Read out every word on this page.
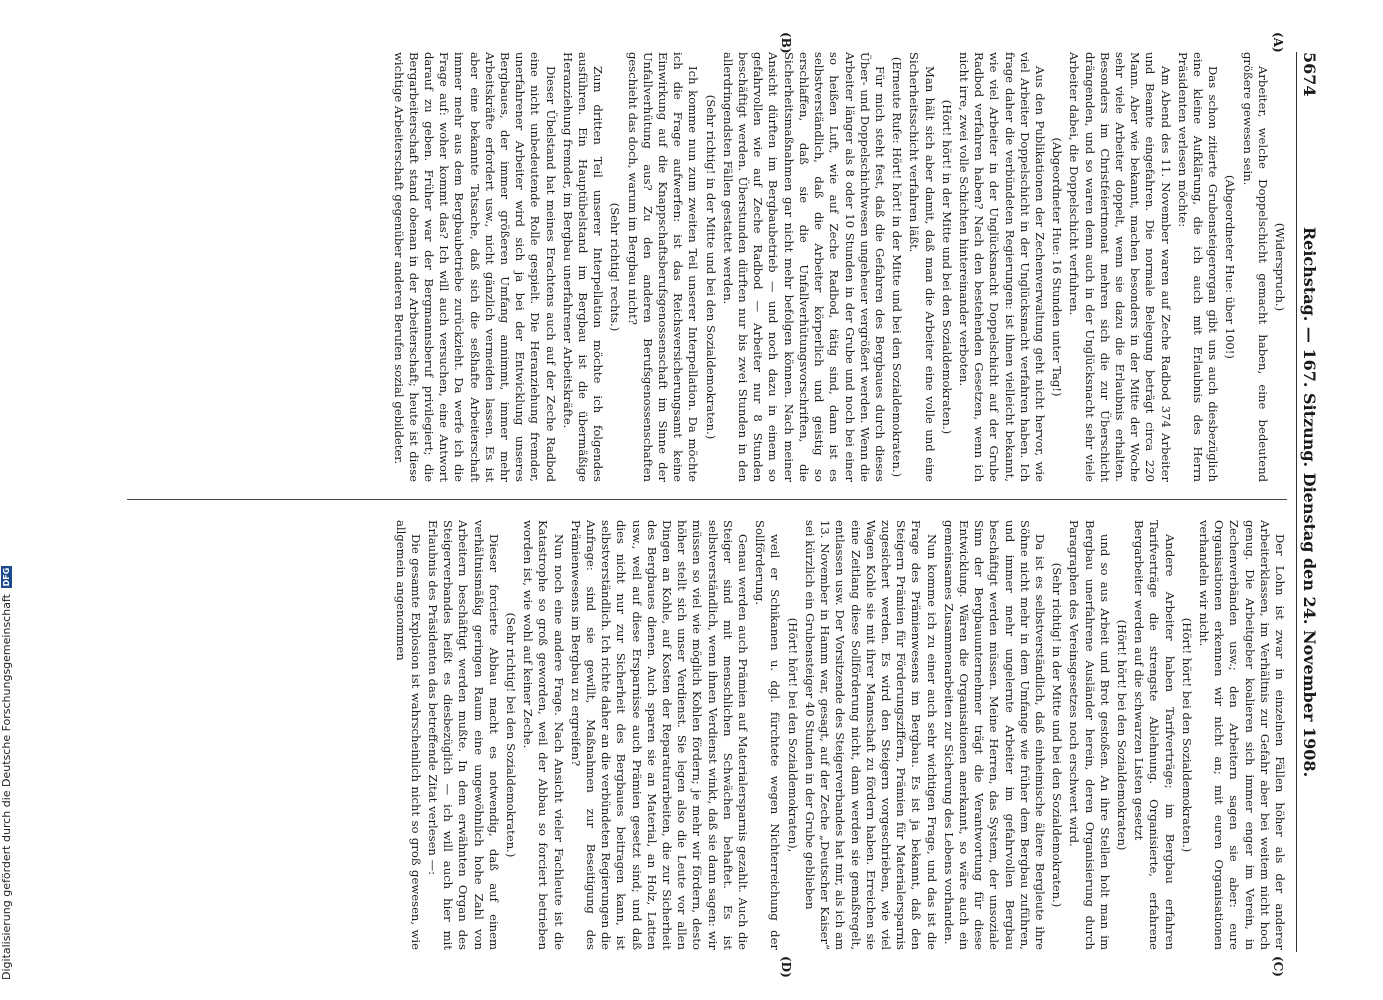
5674
Reichstag. — 167. Sitzung. Dienstag den 24. November 1908.
(A)
(B)
(C)
(D)

(Widerspruch.)

Arbeiter, welche Doppelschicht gemacht haben, eine bedeutend größere gewesen sein.

(Abgeordneter Hue: über 100!)

Das schon zitierte Grubensteigerorgan gibt uns auch diesbezüglich eine kleine Aufklärung, die ich auch mit Erlaubnis des Herrn Präsidenten verlesen möchte:

Am Abend des 11. November waren auf Zeche Radbod 374 Arbeiter und Beamte eingefahren. Die normale Belegung beträgt circa 220 Mann. Aber wie bekannt, machen besonders in der Mitte der Woche sehr viele Arbeiter doppelt, wenn sie dazu die Erlaubnis erhalten. Besonders im Christfeiertmonat mehren sich die zur Überschicht drängenden, und so waren denn auch in der Unglücksnacht sehr viele Arbeiter dabei, die Doppelschicht verfuhren.

(Abgeordneter Hue: 16 Stunden unter Tag!)

Aus den Publikationen der Zechenverwaltung geht nicht hervor, wie viel Arbeiter Doppelschicht in der Unglücksnacht verfahren haben. Ich frage daher die verbündeten Regierungen: ist ihnen vielleicht bekannt, wie viel Arbeiter in der Unglücksnacht Doppelschicht auf der Grube Radbod verfahren haben? Nach den bestehenden Gesetzen, wenn ich nicht irre, zwei volle Schichten hintereinander verboten.

(Hört! hört! in der Mitte und bei den Sozialdemokraten.)

Man hält sich aber damit, daß man die Arbeiter eine volle und eine Sicherheitsschicht verfahren läßt.

(Erneute Rufe: Hört! hört! in der Mitte und bei den Sozialdemokraten.)

Für mich steht fest, daß die Gefahren des Bergbaues durch dieses Über- und Doppelschichtwesen ungeheuer vergrößert werden. Wenn die Arbeiter länger als 8 oder 10 Stunden in der Grube und noch bei einer so heißen Luft, wie auf Zeche Radbod, tätig sind, dann ist es selbstverständlich, daß die Arbeiter körperlich und geistig so erschlaffen, daß sie die Unfallverhütungsvorschriften, die Sicherheitsmaßnahmen gar nicht mehr befolgen können. Nach meiner Ansicht dürften im Bergbaubetrieb — und noch dazu in einem so gefahrvollen wie auf Zeche Radbod — Arbeiter nur 8 Stunden beschäftigt werden. Überstunden dürften nur bis zwei Stunden in den allerdringendsten Fällen gestattet werden.

(Sehr richtig! in der Mitte und bei den Sozialdemokraten.)

Ich komme nun zum zweiten Teil unserer Interpellation. Da möchte ich die Frage aufwerfen: ist das Reichsversicherungsamt keine Einwirkung auf die Knappschaftsberufsgenossenschaft im Sinne der Unfallverhütung aus? Zu den anderen Berufsgenossenschaften geschieht das doch, warum im Bergbau nicht?

(Sehr richtig! rechts.)

Zum dritten Teil unserer Interpellation möchte ich folgendes ausführen. Ein Hauptübelstand im Bergbau ist die übermäßige Heranziehung fremder, im Bergbau unerfahrener Arbeitskräfte.

Dieser Übelstand hat meines Erachtens auch auf der Zeche Radbod eine nicht unbedeutende Rolle gespielt. Die Heranziehung fremder, unerfahrener Arbeiter wird sich ja bei der Entwicklung unseres Bergbaues, der immer größeren Umfang annimmt, immer mehr Arbeitskräfte erfordert usw., nicht gänzlich vermeiden lassen. Es ist aber eine bekannte Tatsache, daß sich die seßhafte Arbeiterschaft immer mehr aus dem Bergbaubetriebe zurückzieht. Da werfe ich die Frage auf: woher kommt das? Ich will auch versuchen, eine Antwort darauf zu geben. Früher war der Bergmannsberuf privilegiert; die Bergarbeiterschaft stand obenan in der Arbeiterschaft; heute ist diese wichtige Arbeiterschaft gegenüber anderen Berufen sozial gebildeter.

Der Lohn ist zwar in einzelnen Fällen höher als der anderer Arbeiterklassen, im Verhältnis zur Gefahr aber bei weitem nicht hoch genug. Die Arbeitgeber koalieren sich immer enger im Verein, in Zechenverbänden usw.; den Arbeitern sagen sie aber: eure Organisationen erkennen wir nicht an; mit euren Organisationen verhandeln wir nicht.

(Hört! hört! bei den Sozialdemokraten.)

Andere Arbeiter haben Tarifverträge; im Bergbau erfahren Tarifverträge die strengste Ablehnung. Organisierte, erfahrene Bergarbeiter werden auf die schwarzen Listen gesetzt

(Hört! hört! bei den Sozialdemokraten)

und so aus Arbeit und Brot gestoßen. An ihre Stellen holt man im Bergbau unerfahrene Ausländer herein, deren Organisierung durch Paragraphen des Vereinsgesetzes noch erschwert wird.

(Sehr richtig! in der Mitte und bei den Sozialdemokraten.)

Da ist es selbstverständlich, daß einheimische ältere Bergleute ihre Söhne nicht mehr in dem Umfange wie früher dem Bergbau zuführen, und immer mehr ungelernte Arbeiter im gefahrvollen Bergbau beschäftigt werden müssen. Meine Herren, das System, der unsoziale Sinn der Bergbauunternehmer trägt die Verantwortung für diese Entwicklung. Wären die Organisationen anerkannt, so wäre auch ein gemeinsames Zusammenarbeiten zur Sicherung des Lebens vorhanden.

Nun komme ich zu einer auch sehr wichtigen Frage, und das ist die Frage des Prämienwesens im Bergbau. Es ist ja bekannt, daß den Steigern Prämien für Förderungsziffern, Prämien für Materialersparnis zugesichert werden. Es wird den Steigern vorgeschrieben, wie viel Wagen Kohle sie mit ihrer Mannschaft zu fördern haben. Erreichen sie eine Zeitlang diese Sollförderung nicht, dann werden sie gemaßregelt, entlassen usw. Der Vorsitzende des Steigerverbandes hat mir, als ich am 13. November in Hamm war, gesagt, auf der Zeche „Deutscher Kaiser“ sei kürzlich ein Grubensteiger 40 Stunden in der Grube geblieben

(Hört! hört! bei den Sozialdemokraten),

weil er Schikanen u. dgl. fürchtete wegen Nichterreichung der Sollförderung.

Genau werden auch Prämien auf Materialersparnis gezahlt. Auch die Steiger sind mit menschlichen Schwächen behaftet. Es ist selbstverständlich, wenn ihnen Verdienst winkt, daß sie dann sagen: wir müssen so viel wie möglich Kohlen fördern; je mehr wir fördern, desto höher stellt sich unser Verdienst. Sie legen also die Leute vor allen Dingen an Kohle, auf Kosten der Reparaturarbeiten, die zur Sicherheit des Bergbaues dienen. Auch sparen sie an Material, an Holz, Latten usw., weil auf diese Ersparnisse auch Prämien gesetzt sind; und daß dies nicht nur zur Sicherheit des Bergbaues beitragen kann, ist selbstverständlich. Ich richte daher an die verbündeten Regierungen die Anfrage: sind sie gewillt, Maßnahmen zur Beseitigung des Prämienwesens im Bergbau zu ergreifen?

Nun noch eine andere Frage. Nach Ansicht vieler Fachleute ist die Katastrophe so groß geworden, weil der Abbau so forciert betrieben worden ist, wie wohl auf keiner Zeche.

(Sehr richtig! bei den Sozialdemokraten.)

Dieser forcierte Abbau macht es notwendig, daß auf einem verhältnismäßig geringen Raum eine ungewöhnlich hohe Zahl von Arbeitern beschäftigt werden mußte. In dem erwähnten Organ des Steigerverbandes heißt es diesbezüglich — ich will auch hier mit Erlaubnis des Präsidenten das betreffende Zitat verlesen —:

Die gesamte Explosion ist wahrscheinlich nicht so groß gewesen, wie allgemein angenommen

Digitalisierung gefördert durch die Deutsche Forschungsgemeinschaft
DFG
